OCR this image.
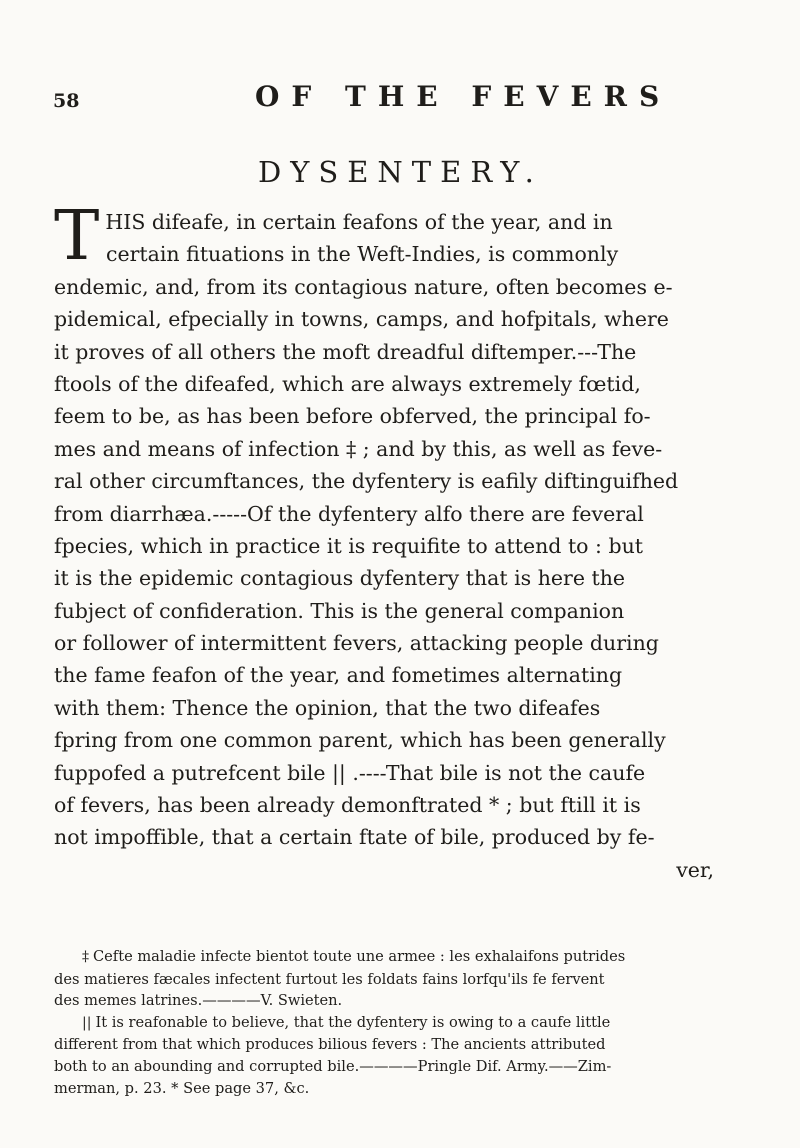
58	OF THE FEVERS
DYSENTERY.
THIS difeafe, in certain feafons of the year, and in
certain fituations in the Weft-Indies, is commonly
endemic, and, from its contagious nature, often becomes e-
pidemical, efpecially in towns, camps, and hofpitals, where
it proves of all others the moft dreadful diftemper.---The
ftools of the difeafed, which are always extremely fœtid,
feem to be, as has been before obferved, the principal fo-
mes and means of infection ‡ ; and by this, as well as feve-
ral other circumftances, the dyfentery is eafily diftinguifhed
from diarrhæa.-----Of the dyfentery alfo there are feveral
fpecies, which in practice it is requifite to attend to : but
it is the epidemic contagious dyfentery that is here the
fubject of confideration. This is the general companion
or follower of intermittent fevers, attacking people during
the fame feafon of the year, and fometimes alternating
with them: Thence the opinion, that the two difeafes
fpring from one common parent, which has been generally
fuppofed a putrefcent bile || .----That bile is not the caufe
of fevers, has been already demonftrated * ; but ftill it is
not impoffible, that a certain ftate of bile, produced by fe-
ver,
‡ Cefte maladie infecte bientot toute une armee : les exhalaifons putrides
des matieres fæcales infectent furtout les foldats fains lorfqu'ils fe fervent
des memes latrines.————V. Swieten.
|| It is reafonable to believe, that the dyfentery is owing to a caufe little
different from that which produces bilious fevers : The ancients attributed
both to an abounding and corrupted bile.————Pringle Dif. Army.——Zim-
merman, p. 23. * See page 37, &c.
